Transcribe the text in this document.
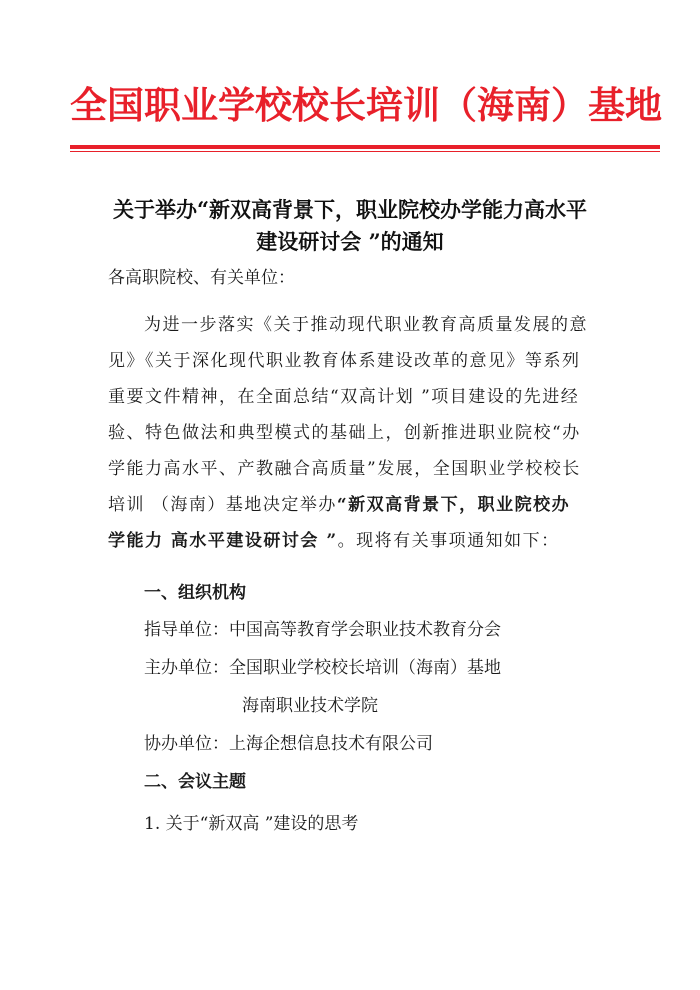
全国职业学校校长培训（海南）基地
关于举办“新双高背景下，职业院校办学能力高水平
建设研讨会 ”的通知
各高职院校、有关单位：
为进一步落实《关于推动现代职业教育高质量发展的意
见》《关于深化现代职业教育体系建设改革的意见》等系列
重要文件精神，在全面总结“双高计划 ”项目建设的先进经
验、特色做法和典型模式的基础上，创新推进职业院校“办
学能力高水平、产教融合高质量”发展，全国职业学校校长
培训 （海南）基地决定举办“新双高背景下，职业院校办
学能力 高水平建设研讨会 ”。现将有关事项通知如下：
一、组织机构
指导单位：中国高等教育学会职业技术教育分会
主办单位：全国职业学校校长培训（海南）基地
海南职业技术学院
协办单位：上海企想信息技术有限公司
二、会议主题
1. 关于“新双高 ”建设的思考
